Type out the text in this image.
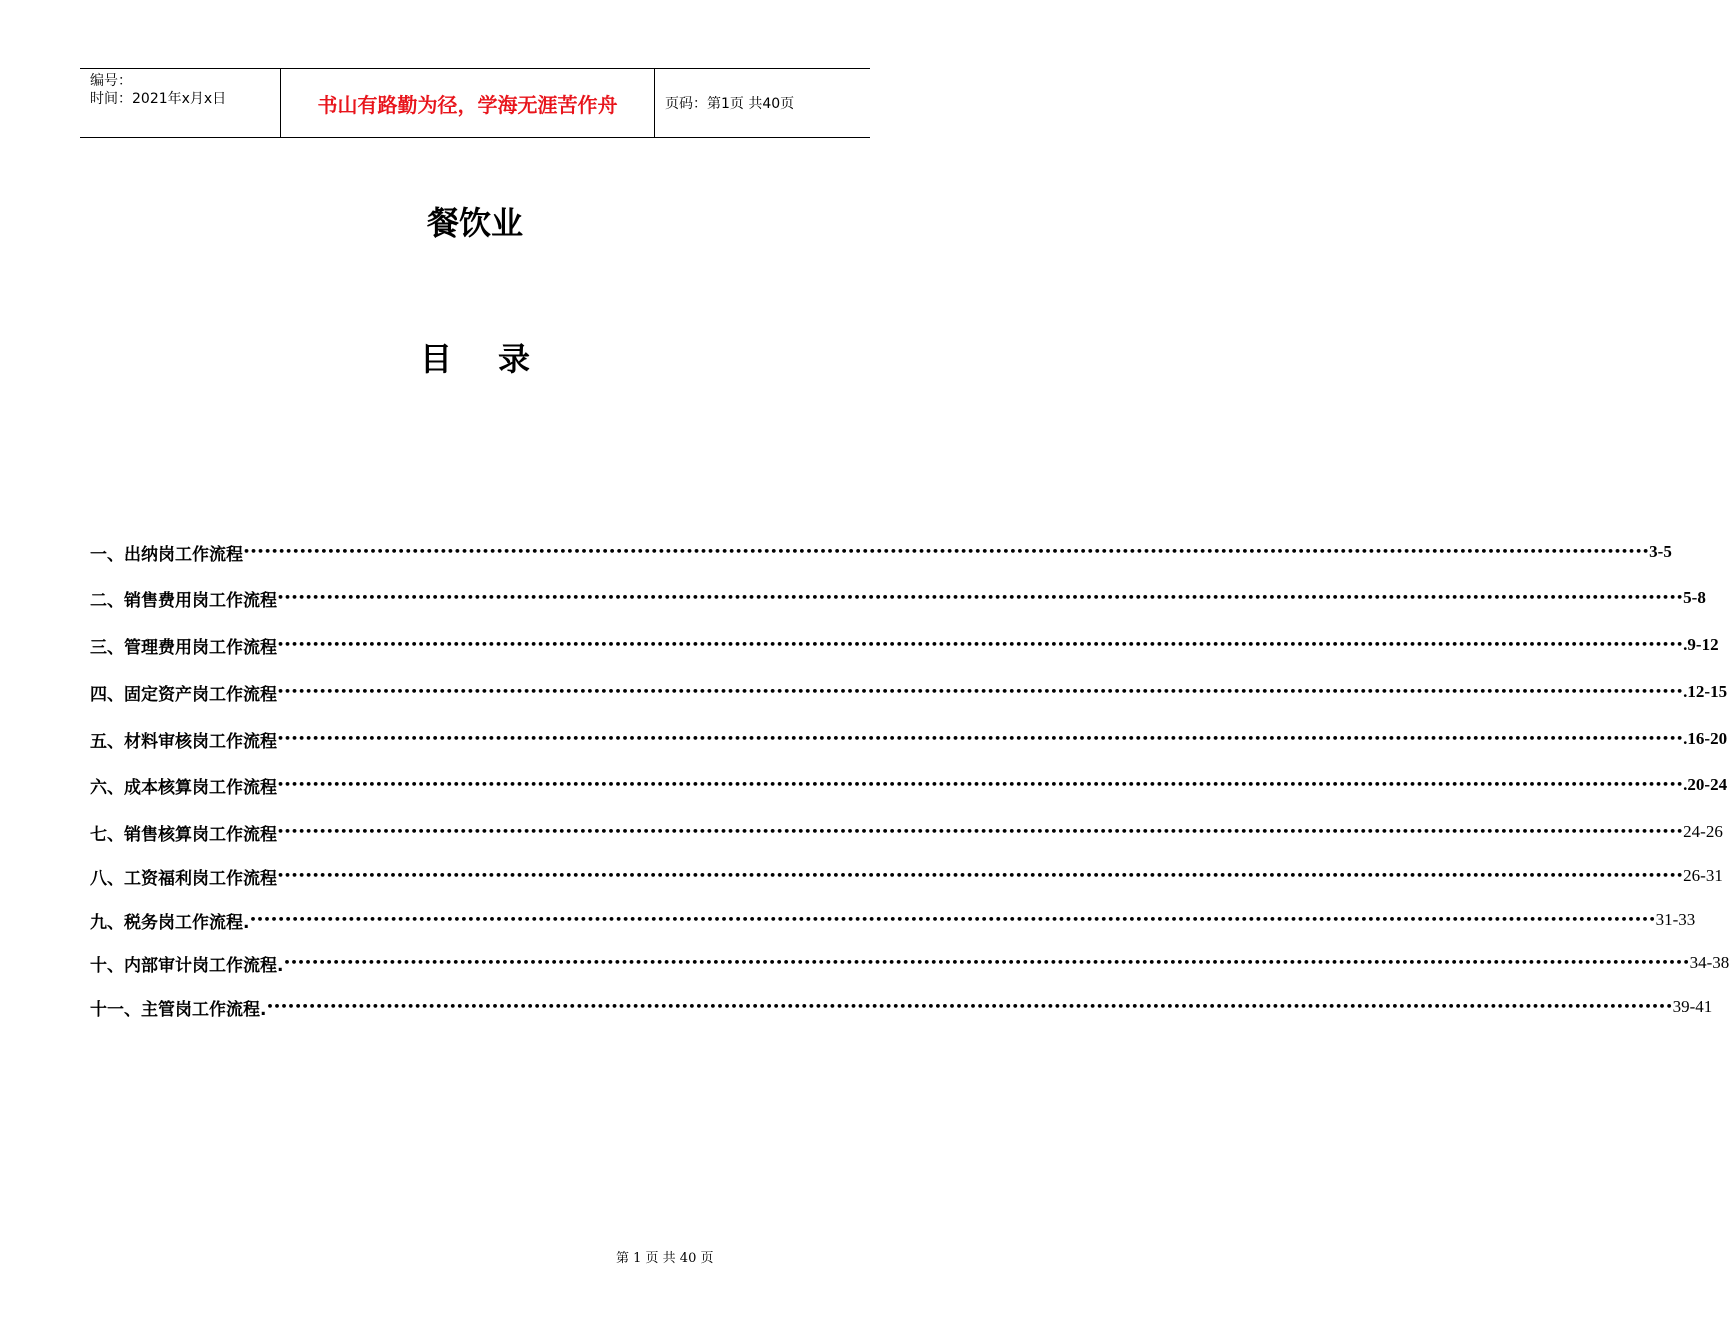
编号：
时间：2021年x月x日	书山有路勤为径，学海无涯苦作舟	页码：第1页 共40页
餐饮业
目 录
一、出纳岗工作流程 •••••••••••••••••••••••••••••••••••••••••••••••••••••••••••••••••••••••••••••••••••••••••••••••••••••••••••••••••••••••••••••••••••••••••••••••••••••••••••••••••••••••••••••••••••••••••••••••••••••••• 3-5
二、销售费用岗工作流程 •••••••••••••••••••••••••••••••••••••••••••••••••••••••••••••••••••••••••••••••••••••••••••••••••••••••••••••••••••••••••••••••••••••••••••••••••••••••••••••••••••••••••••••••••••••••••••••••••••••••• 5-8
三、管理费用岗工作流程 •••••••••••••••••••••••••••••••••••••••••••••••••••••••••••••••••••••••••••••••••••••••••••••••••••••••••••••••••••••••••••••••••••••••••••••••••••••••••••••••••••••••••••••••••••••••••••••••••••••••• .9-12
四、固定资产岗工作流程 •••••••••••••••••••••••••••••••••••••••••••••••••••••••••••••••••••••••••••••••••••••••••••••••••••••••••••••••••••••••••••••••••••••••••••••••••••••••••••••••••••••••••••••••••••••••••••••••••••••••• .12-15
五、材料审核岗工作流程 •••••••••••••••••••••••••••••••••••••••••••••••••••••••••••••••••••••••••••••••••••••••••••••••••••••••••••••••••••••••••••••••••••••••••••••••••••••••••••••••••••••••••••••••••••••••••••••••••••••••• .16-20
六、成本核算岗工作流程 •••••••••••••••••••••••••••••••••••••••••••••••••••••••••••••••••••••••••••••••••••••••••••••••••••••••••••••••••••••••••••••••••••••••••••••••••••••••••••••••••••••••••••••••••••••••••••••••••••••••• .20-24
七、销售核算岗工作流程 •••••••••••••••••••••••••••••••••••••••••••••••••••••••••••••••••••••••••••••••••••••••••••••••••••••••••••••••••••••••••••••••••••••••••••••••••••••••••••••••••••••••••••••••••••••••••••••••••••••••• 24-26
八、工资福利岗工作流程 •••••••••••••••••••••••••••••••••••••••••••••••••••••••••••••••••••••••••••••••••••••••••••••••••••••••••••••••••••••••••••••••••••••••••••••••••••••••••••••••••••••••••••••••••••••••••••••••••••••••• 26-31
九、税务岗工作流程. •••••••••••••••••••••••••••••••••••••••••••••••••••••••••••••••••••••••••••••••••••••••••••••••••••••••••••••••••••••••••••••••••••••••••••••••••••••••••••••••••••••••••••••••••••••••••••••••••••••••• 31-33
十、内部审计岗工作流程. •••••••••••••••••••••••••••••••••••••••••••••••••••••••••••••••••••••••••••••••••••••••••••••••••••••••••••••••••••••••••••••••••••••••••••••••••••••••••••••••••••••••••••••••••••••••••••••••••••••••• 34-38
十一、主管岗工作流程. •••••••••••••••••••••••••••••••••••••••••••••••••••••••••••••••••••••••••••••••••••••••••••••••••••••••••••••••••••••••••••••••••••••••••••••••••••••••••••••••••••••••••••••••••••••••••••••••••••••••• 39-41
第 1 页 共 40 页
